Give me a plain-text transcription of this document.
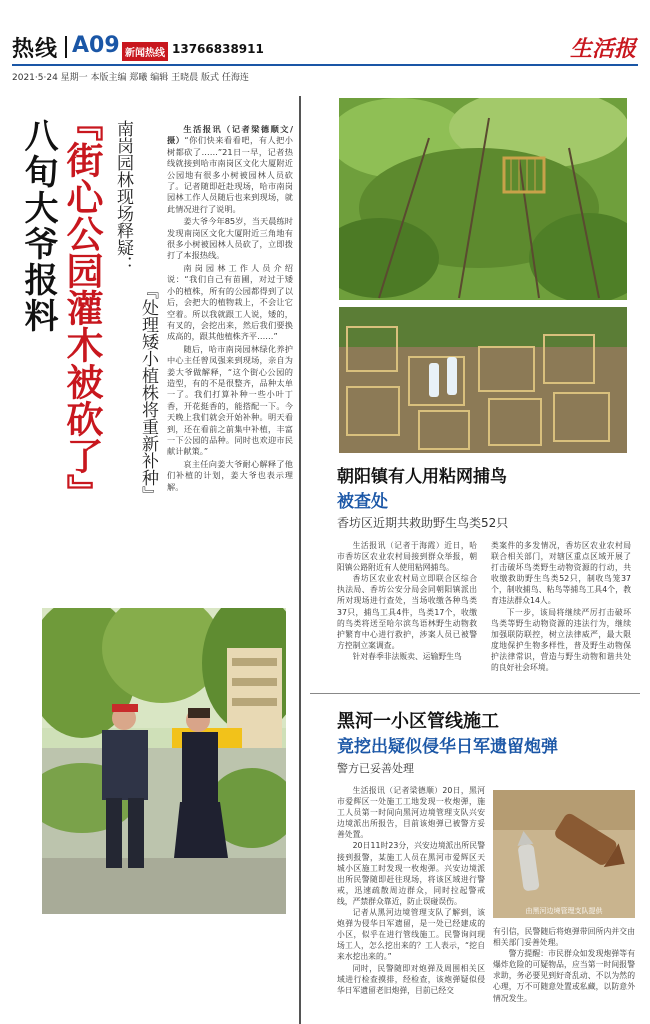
热线 A09 新闻热线 13766838911	生活报
2021·5·24 星期一 本版主编 郑曦 编辑 王晓晨 版式 任海连
八旬大爷报料 『街心公园灌木被砍了』 南岗园林现场释疑：
『处理矮小植株将重新补种』

生活报讯（记者梁德顺文/摄）“你们快来看看吧，有人把小树都砍了……”21日一早，记者热线就接到哈市南岗区文化大厦附近公园地有很多小树被园林人员砍了。记者随即赶赴现场，哈市南岗园林工作人员随后也来到现场，就此情况进行了说明。

姜大爷今年85岁，当天晨练时发现南岗区文化大厦附近三角地有很多小树被园林人员砍了，立即拨打了本报热线。

南岗园林工作人员介绍说：“我们自己有苗圃，对过于矮小的植株，所有的公园都得到了以后，会把大的植物栽上，不会让它空着。所以我就跟工人说，矮的，有叉的，会挖出来，然后我们要换成高的，跟其他植株齐平……”

随后，哈市南岗园林绿化养护中心主任曾凤强来到现场，亲自为姜大爷做解释，“这个街心公园的造型，有的不是很整齐，品种太单一了。我们打算补种一些小叶丁香，开花挺香的，能搭配一下。今天晚上我们就会开始补种。明天看到，还在看前之前集中补植，丰富一下公园的品种。同时也欢迎市民献计献策。”

哀主任向姜大爷耐心解释了他们补植的计划，姜大爷也表示理解。	朝阳镇有人用粘网捕鸟
被查处
香坊区近期共救助野生鸟类52只

生活报讯（记者于海霞）近日，哈市香坊区农业农村局接到群众举报，朝阳镇公路附近有人使用粘网捕鸟。

香坊区农业农村局立即联合区综合执法局、香坊公安分局会同朝阳镇派出所对现场进行查处，当场收缴各种鸟类37只，捕鸟工具4件，鸟类17个，收缴的鸟类将送至哈尔滨鸟语林野生动物救护繁育中心进行救护，涉案人员已被警方控制立案调查。

针对春季非法贩卖、运输野生鸟

类案件的多发情况，香坊区农业农村局联合相关部门，对辖区重点区域开展了打击破坏鸟类野生动物资源的行动，共收缴救助野生鸟类52只，制收鸟笼37个，制收捕鸟、粘鸟等捕鸟工具4个，教育违法群众14人。

下一步，该局将继续严厉打击破坏鸟类等野生动物资源的违法行为，继续加强联防联控，树立法律威严，最大限度地保护生物多样性，普及野生动物保护法律常识，营造与野生动物和谐共处的良好社会环境。

黑河一小区管线施工
竟挖出疑似侵华日军遗留炮弹
警方已妥善处理

生活报讯（记者梁德顺）20日，黑河市爱辉区一处施工工地发现一枚炮弹，施工人员第一时间向黑河边境管理支队兴安边境派出所报告，目前该炮弹已被警方妥善处置。

20日11时23分，兴安边境派出所民警接到报警，某施工人员在黑河市爱辉区天城小区施工时发现一枚炮弹。兴安边境派出所民警随即赶往现场，将该区域进行警戒，迅速疏散周边群众，同时拉起警戒线，严禁群众靠近，防止误碰误伤。

记者从黑河边境管理支队了解到，该炮弹为侵华日军遗留，是一处已经建成的小区，似乎在进行管线施工。民警询问现场工人，怎么挖出来的？工人表示，“挖自来水挖出来的。”

同时，民警随即对炮弹及周围相关区域进行检查摸排，经检查，该炮弹疑似侵华日军遗留老旧炮弹，目前已经交

由黑河边境管理支队提供

有引信，民警随后将炮弹带回所内并交由相关部门妥善处理。

警方提醒：市民群众如发现炮弹等有爆炸危险的可疑物品，应当第一时间报警求助，务必要见到好奇乱动、不以为然的心理，万不可随意处置或私藏，以防意外情况发生。
